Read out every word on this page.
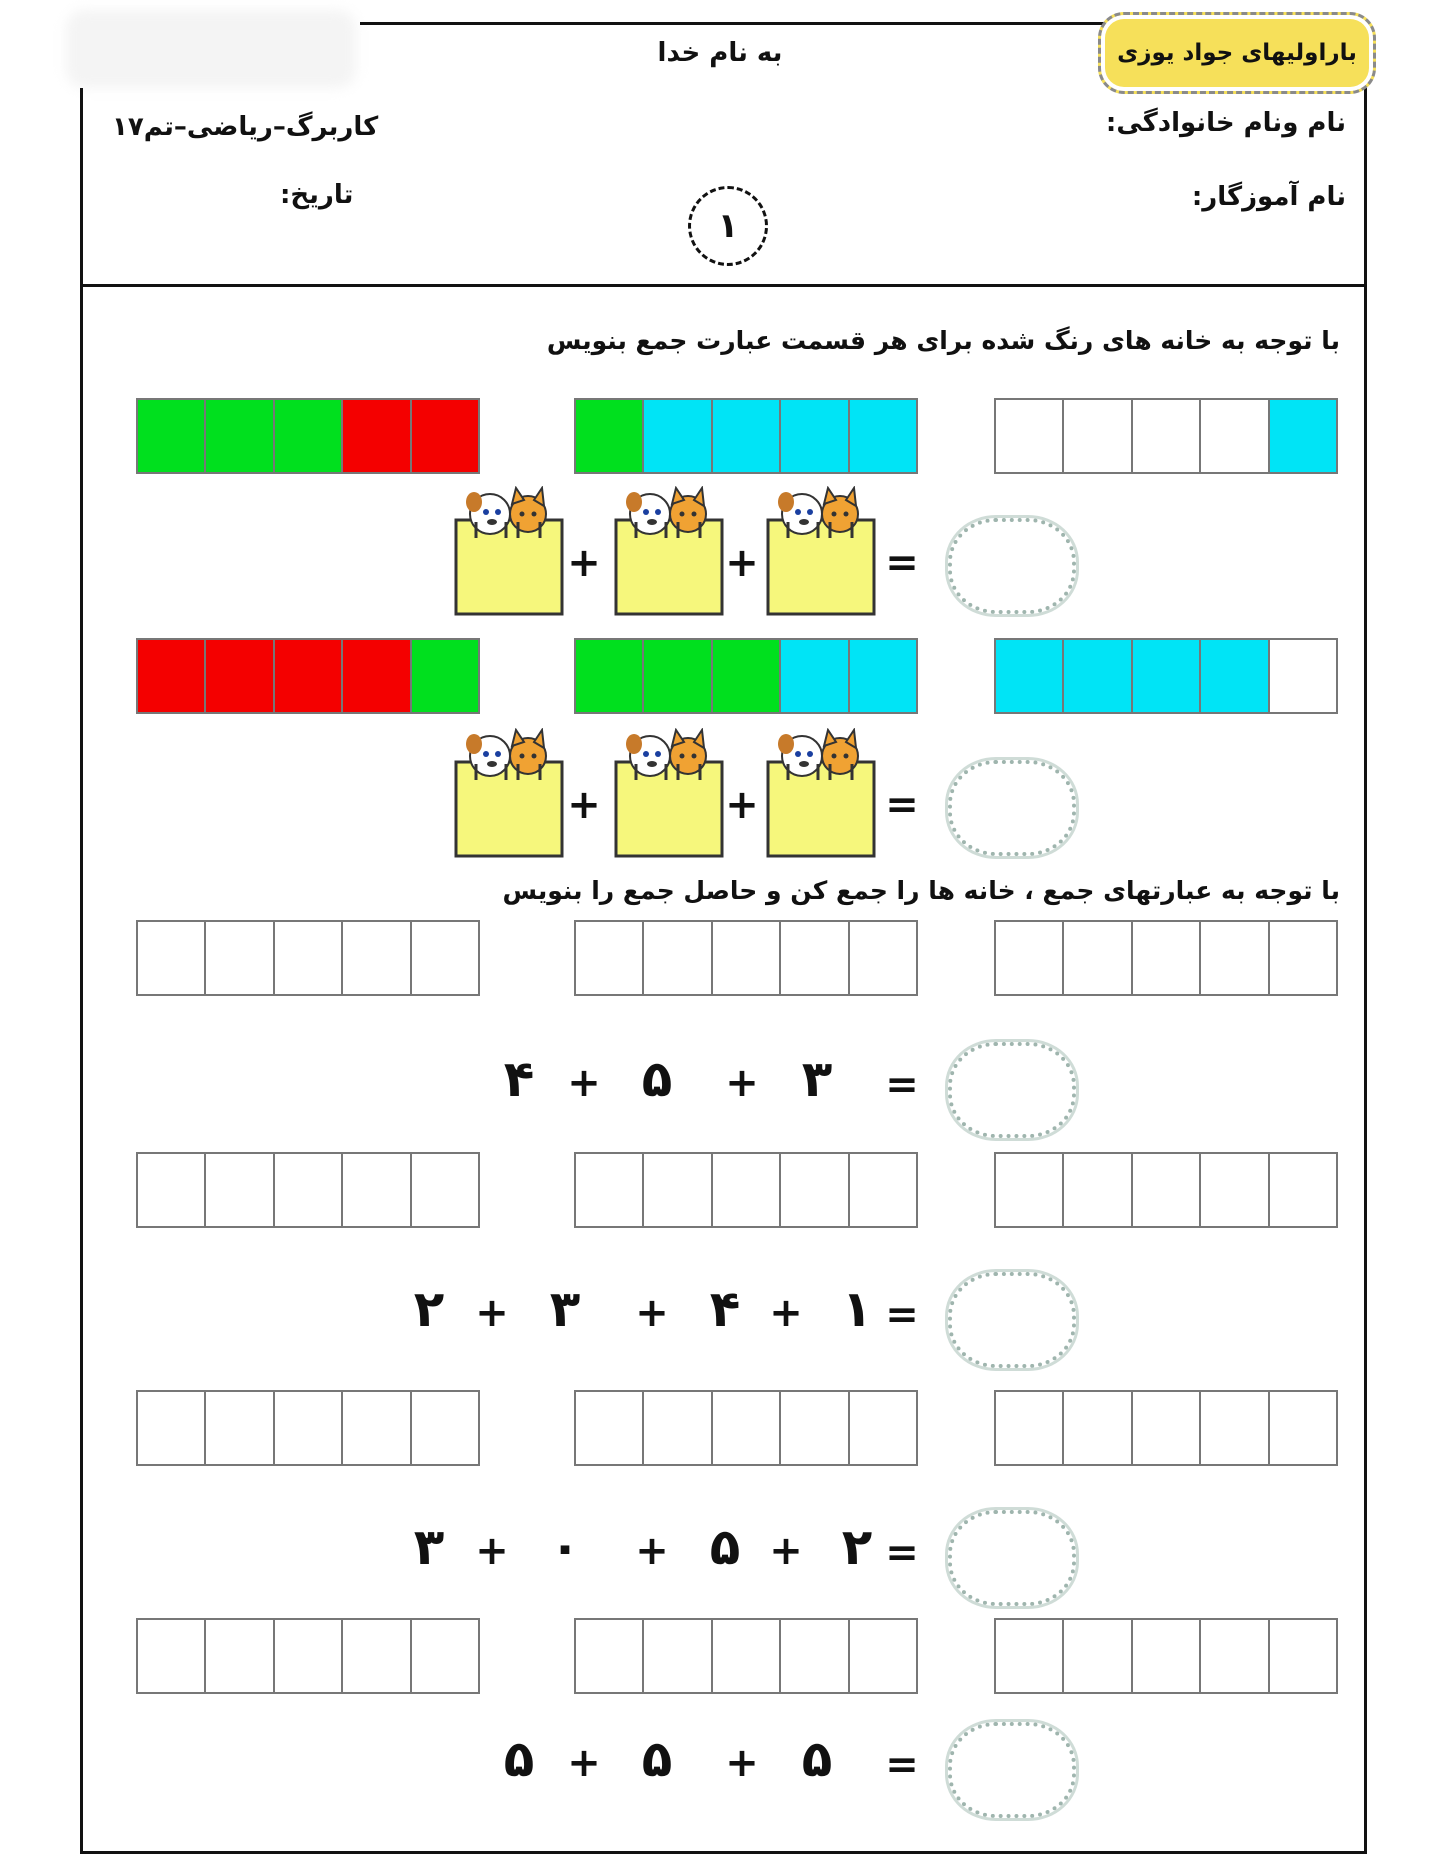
باراولیهای جواد یوزی
به نام خدا
نام ونام خانوادگی:
نام آموزگار:
کاربرگ–ریاضی–تم۱۷
تاریخ:
۱
با توجه به خانه های رنگ شده برای هر قسمت عبارت جمع بنویس
با توجه به عبارتهای جمع ، خانه ها را جمع کن و حاصل جمع را بنویس
+	+	=
+	+	=
=
۳
۵
۴	+
+
=
۱
۴
۳
۲	+
+
+
=
۲
۵
۰
۳	+
+
+
=
۵
۵
۵	+
+
